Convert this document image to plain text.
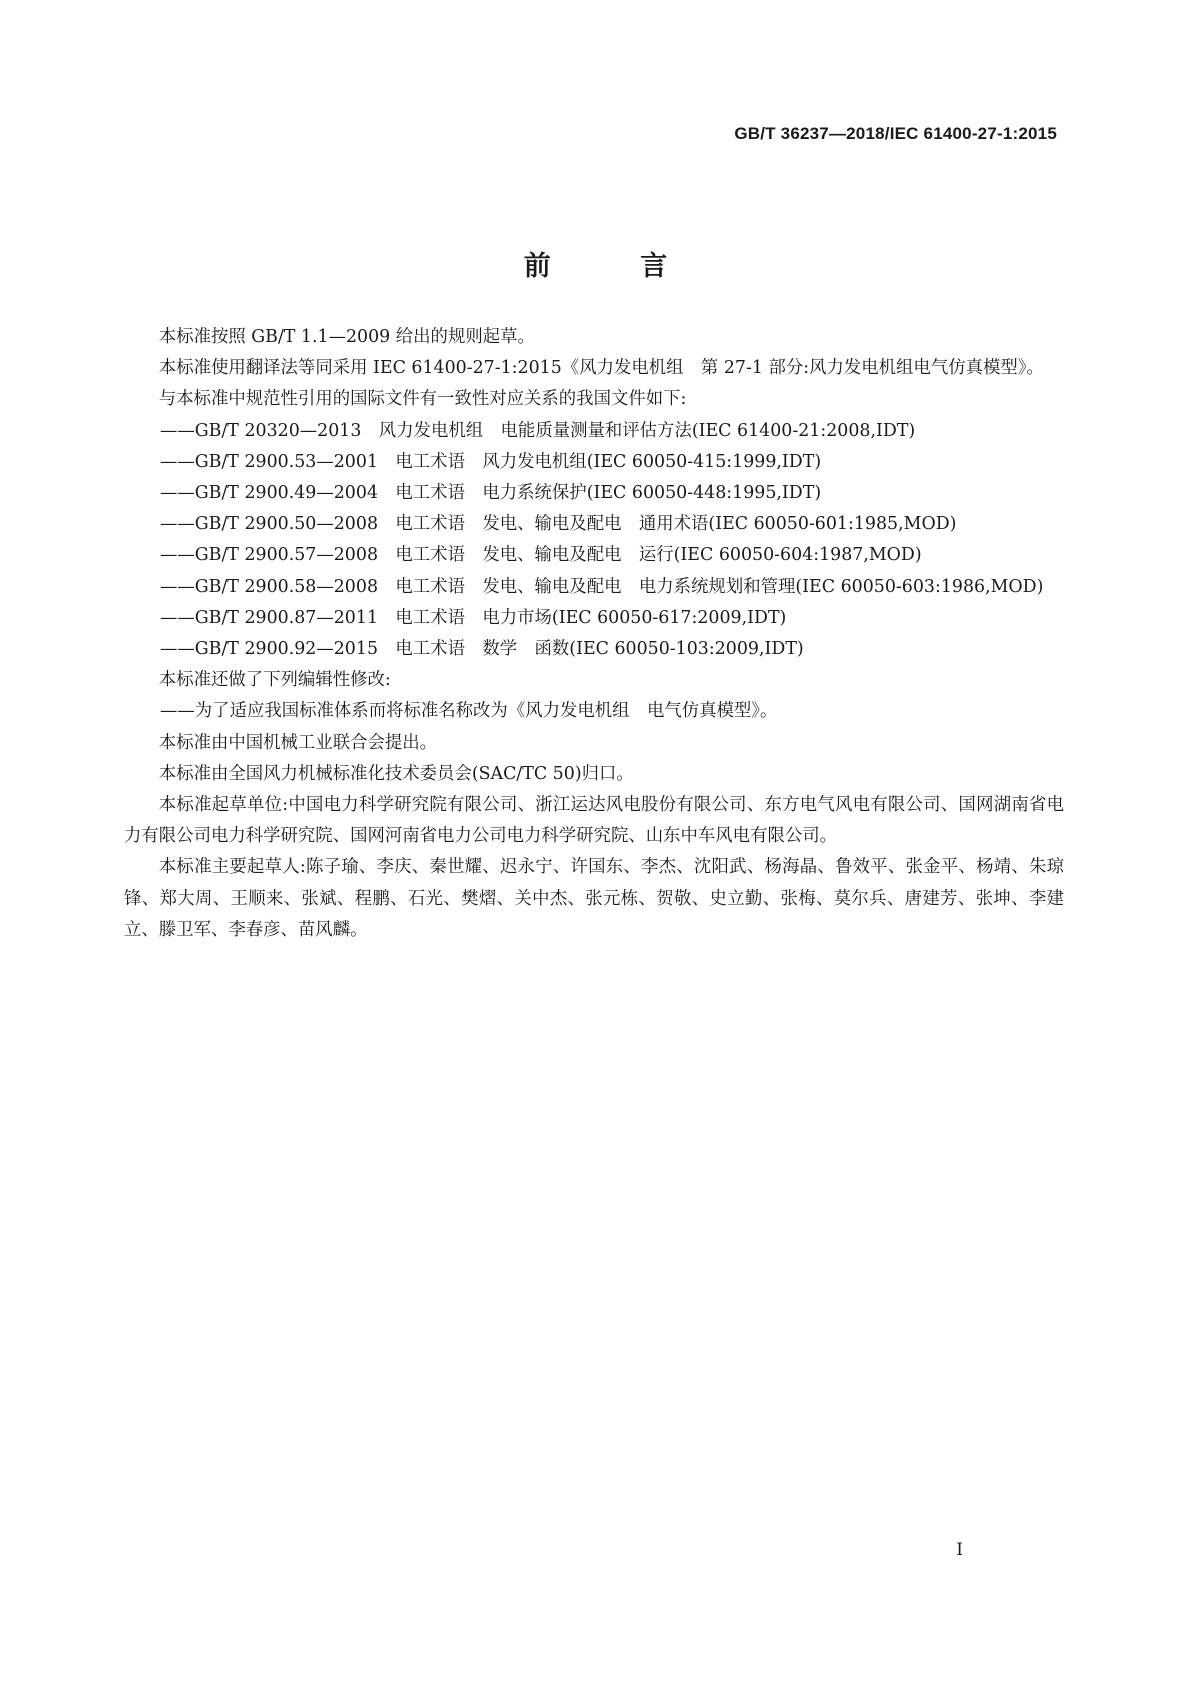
GB/T 36237—2018/IEC 61400-27-1:2015
前 言

本标准按照 GB/T 1.1—2009 给出的规则起草。

本标准使用翻译法等同采用 IEC 61400-27-1:2015《风力发电机组　第 27-1 部分:风力发电机组电气仿真模型》。

与本标准中规范性引用的国际文件有一致性对应关系的我国文件如下:

——GB/T 20320—2013　风力发电机组　电能质量测量和评估方法(IEC 61400-21:2008,IDT)

——GB/T 2900.53—2001　电工术语　风力发电机组(IEC 60050-415:1999,IDT)

——GB/T 2900.49—2004　电工术语　电力系统保护(IEC 60050-448:1995,IDT)

——GB/T 2900.50—2008　电工术语　发电、输电及配电　通用术语(IEC 60050-601:1985,MOD)

——GB/T 2900.57—2008　电工术语　发电、输电及配电　运行(IEC 60050-604:1987,MOD)

——GB/T 2900.58—2008　电工术语　发电、输电及配电　电力系统规划和管理(IEC 60050-603:1986,MOD)

——GB/T 2900.87—2011　电工术语　电力市场(IEC 60050-617:2009,IDT)

——GB/T 2900.92—2015　电工术语　数学　函数(IEC 60050-103:2009,IDT)

本标准还做了下列编辑性修改:

——为了适应我国标准体系而将标准名称改为《风力发电机组　电气仿真模型》。

本标准由中国机械工业联合会提出。

本标准由全国风力机械标准化技术委员会(SAC/TC 50)归口。

本标准起草单位:中国电力科学研究院有限公司、浙江运达风电股份有限公司、东方电气风电有限公司、国网湖南省电力有限公司电力科学研究院、国网河南省电力公司电力科学研究院、山东中车风电有限公司。

本标准主要起草人:陈子瑜、李庆、秦世耀、迟永宁、许国东、李杰、沈阳武、杨海晶、鲁效平、张金平、杨靖、朱琼锋、郑大周、王顺来、张斌、程鹏、石光、樊熠、关中杰、张元栋、贺敬、史立勤、张梅、莫尔兵、唐建芳、张坤、李建立、滕卫军、李春彦、苗风麟。

I
